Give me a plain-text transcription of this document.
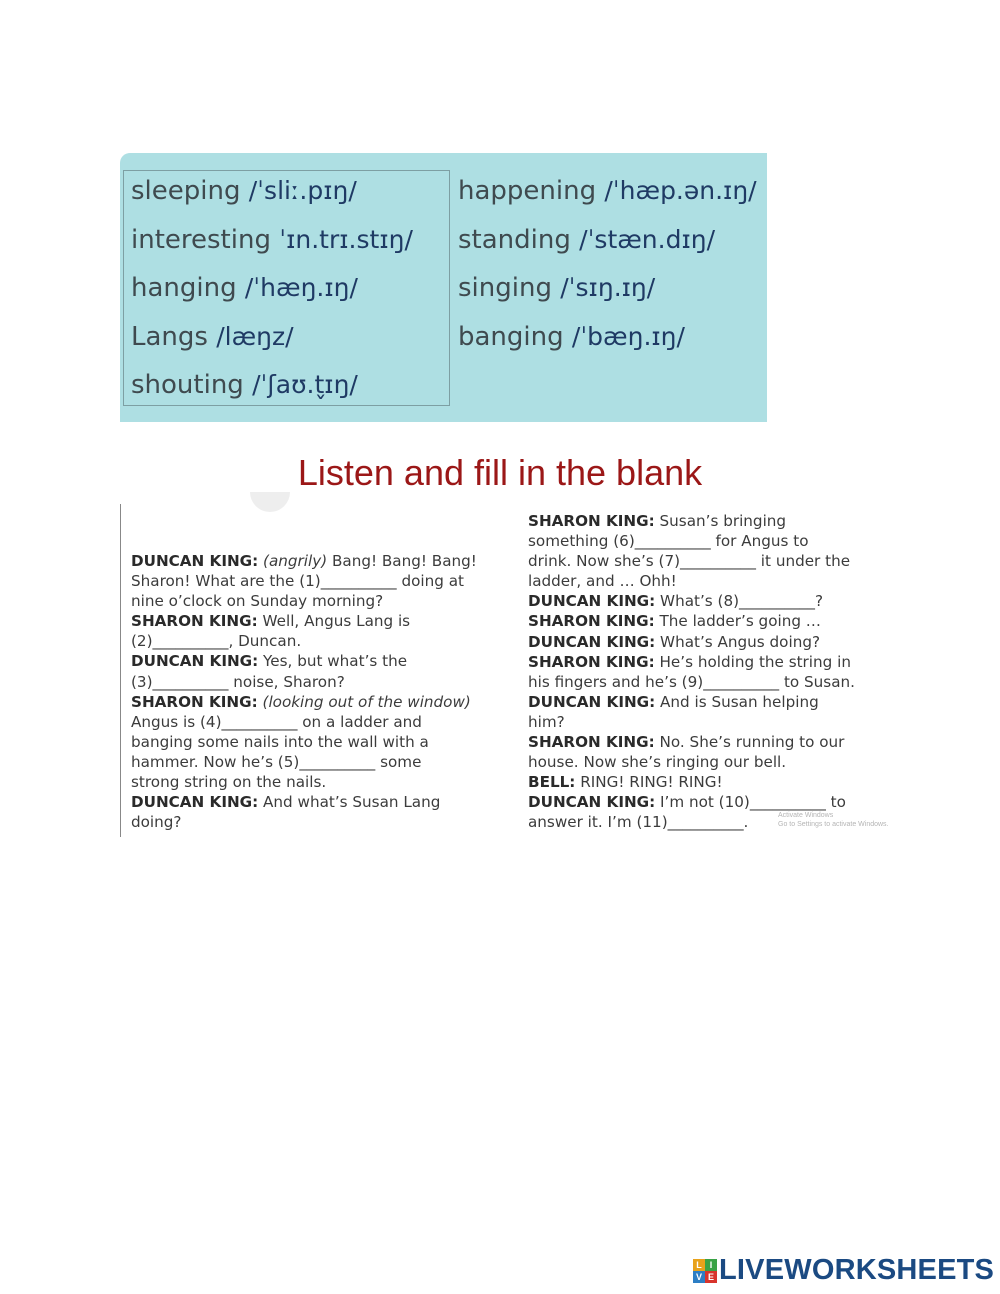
sleeping /ˈsliː.pɪŋ/
interesting ˈɪn.trɪ.stɪŋ/
hanging /ˈhæŋ.ɪŋ/
Langs /læŋz/
shouting /ˈʃaʊ.t̬ɪŋ/
happening /ˈhæp.ən.ɪŋ/
standing /ˈstæn.dɪŋ/
singing /ˈsɪŋ.ɪŋ/
banging /ˈbæŋ.ɪŋ/
Listen and fill in the blank
DUNCAN KING: (angrily) Bang! Bang! Bang!
Sharon! What are the (1)__________ doing at
nine o’clock on Sunday morning?
SHARON KING: Well, Angus Lang is
(2)__________, Duncan.
DUNCAN KING: Yes, but what’s the
(3)__________ noise, Sharon?
SHARON KING: (looking out of the window)
Angus is (4)__________ on a ladder and
banging some nails into the wall with a
hammer. Now he’s (5)__________ some
strong string on the nails.
DUNCAN KING: And what’s Susan Lang
doing?
SHARON KING: Susan’s bringing
something (6)__________ for Angus to
drink. Now she’s (7)__________ it under the
ladder, and … Ohh!
DUNCAN KING: What’s (8)__________?
SHARON KING: The ladder’s going …
DUNCAN KING: What’s Angus doing?
SHARON KING: He’s holding the string in
his fingers and he’s (9)__________ to Susan.
DUNCAN KING: And is Susan helping
him?
SHARON KING: No. She’s running to our
house. Now she’s ringing our bell.
BELL: RING! RING! RING!
DUNCAN KING: I’m not (10)__________ to
answer it. I’m (11)__________.	Activate Windows
Go to Settings to activate Windows.
L I
V E LIVEWORKSHEETS
